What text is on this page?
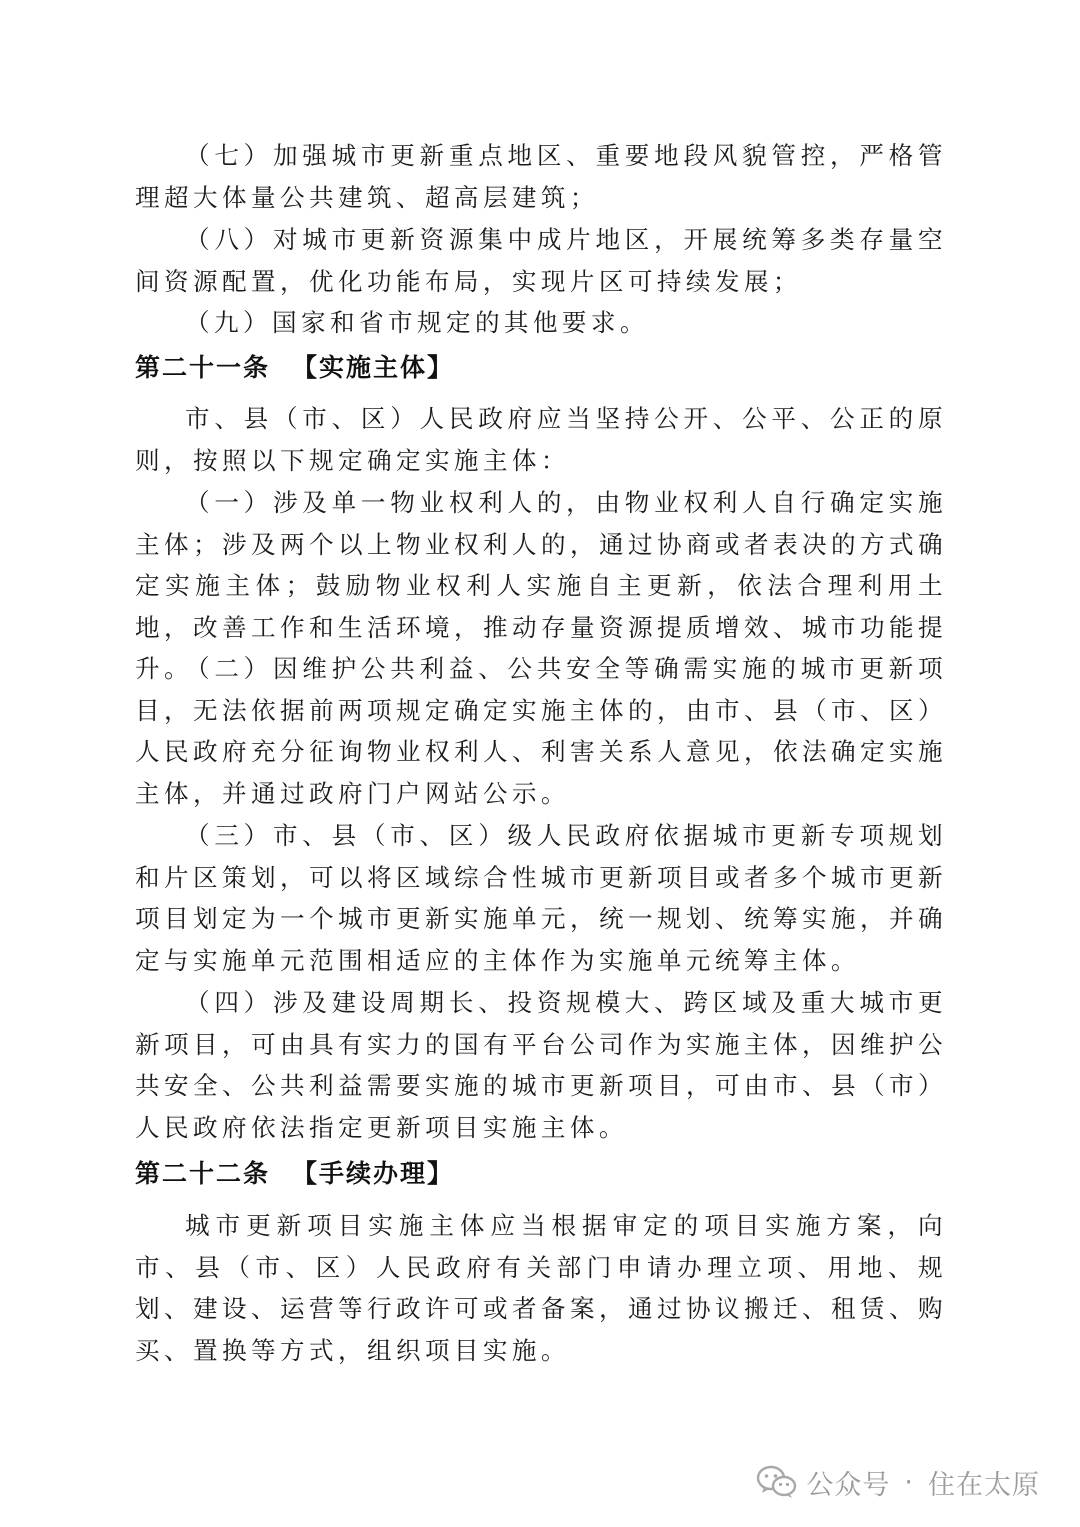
（七）加强城市更新重点地区、重要地段风貌管控，严格管理超大体量公共建筑、超高层建筑；

（八）对城市更新资源集中成片地区，开展统筹多类存量空间资源配置，优化功能布局，实现片区可持续发展；

（九）国家和省市规定的其他要求。

第二十一条 【实施主体】

市、县（市、区）人民政府应当坚持公开、公平、公正的原则，按照以下规定确定实施主体：

（一）涉及单一物业权利人的，由物业权利人自行确定实施主体；涉及两个以上物业权利人的，通过协商或者表决的方式确定实施主体；鼓励物业权利人实施自主更新，依法合理利用土地，改善工作和生活环境，推动存量资源提质增效、城市功能提升。

（二）因维护公共利益、公共安全等确需实施的城市更新项目，无法依据前两项规定确定实施主体的，由市、县（市、区）人民政府充分征询物业权利人、利害关系人意见，依法确定实施主体，并通过政府门户网站公示。

（三）市、县（市、区）级人民政府依据城市更新专项规划和片区策划，可以将区域综合性城市更新项目或者多个城市更新项目划定为一个城市更新实施单元，统一规划、统筹实施，并确定与实施单元范围相适应的主体作为实施单元统筹主体。

（四）涉及建设周期长、投资规模大、跨区域及重大城市更新项目，可由具有实力的国有平台公司作为实施主体，因维护公共安全、公共利益需要实施的城市更新项目，可由市、县（市）人民政府依法指定更新项目实施主体。

第二十二条 【手续办理】

城市更新项目实施主体应当根据审定的项目实施方案，向市、县（市、区）人民政府有关部门申请办理立项、用地、规划、建设、运营等行政许可或者备案，通过协议搬迁、租赁、购买、置换等方式，组织项目实施。

公众号 · 住在太原
